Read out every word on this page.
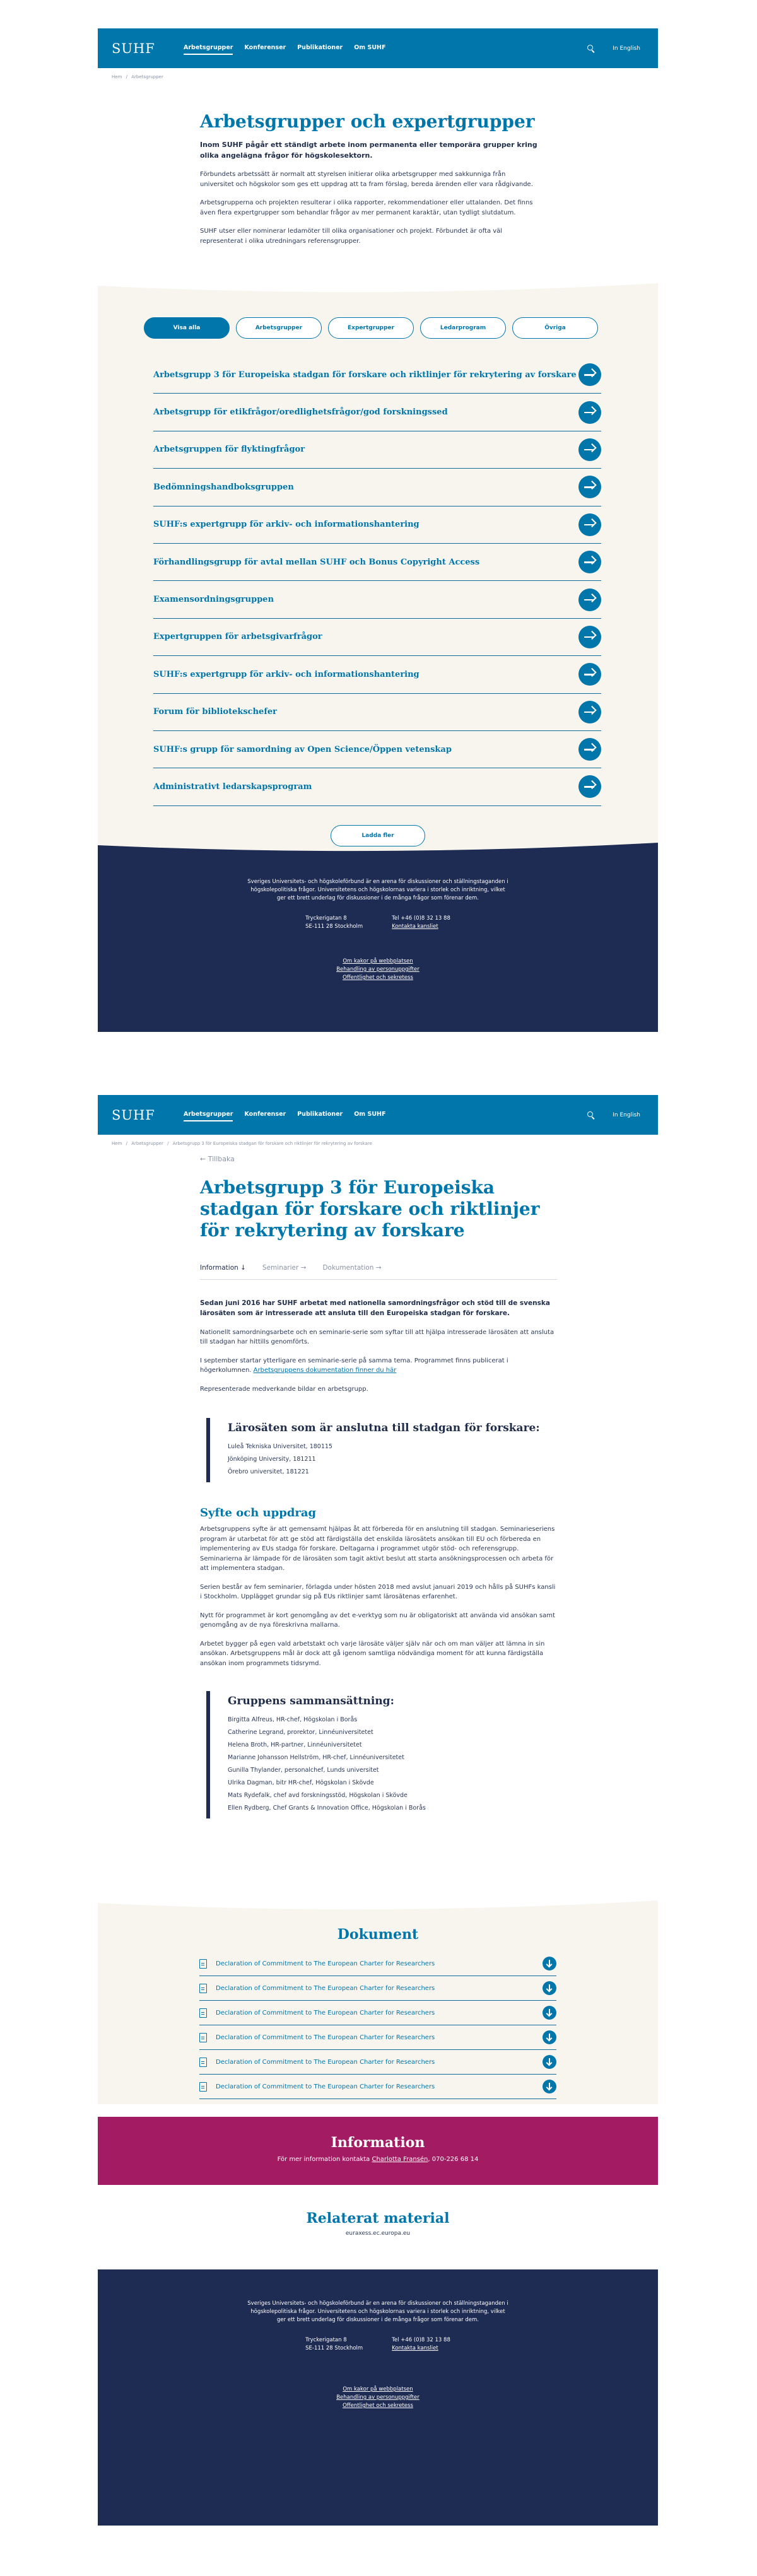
SUHF	Arbetsgrupper Konferenser Publikationer Om SUHF	In English
Hem / Arbetsgrupper
Arbetsgrupper och expertgrupper

Inom SUHF pågår ett ständigt arbete inom permanenta eller temporära grupper kring olika angelägna frågor för högskolesektorn.

Förbundets arbetssätt är normalt att styrelsen initierar olika arbetsgrupper med sakkunniga från universitet och högskolor som ges ett uppdrag att ta fram förslag, bereda ärenden eller vara rådgivande.

Arbetsgrupperna och projekten resulterar i olika rapporter, rekommendationer eller uttalanden. Det finns även flera expertgrupper som behandlar frågor av mer permanent karaktär, utan tydligt slutdatum.

SUHF utser eller nominerar ledamöter till olika organisationer och projekt. Förbundet är ofta väl representerat i olika utredningars referensgrupper.

Visa alla	Arbetsgrupper	Expertgrupper	Ledarprogram	Övriga
Arbetsgrupp 3 för Europeiska stadgan för forskare och riktlinjer för rekrytering av forskare
Arbetsgrupp för etikfrågor/oredlighetsfrågor/god forskningssed
Arbetsgruppen för flyktingfrågor
Bedömningshandboksgruppen
SUHF:s expertgrupp för arkiv- och informationshantering
Förhandlingsgrupp för avtal mellan SUHF och Bonus Copyright Access
Examensordningsgruppen
Expertgruppen för arbetsgivarfrågor
SUHF:s expertgrupp för arkiv- och informationshantering
Forum för bibliotekschefer
SUHF:s grupp för samordning av Open Science/Öppen vetenskap
Administrativt ledarskapsprogram
Ladda fler

Sveriges Universitets- och högskoleförbund är en arena för diskussioner och ställningstaganden i högskolepolitiska frågor. Universitetens och högskolornas variera i storlek och inriktning, vilket ger ett brett underlag för diskussioner i de många frågor som förenar dem.

Tryckerigatan 8
SE-111 28 Stockholm
Tel +46 (0)8 32 13 88
Kontakta kansliet
Om kakor på webbplatsen
Behandling av personuppgifter
Offentlighet och sekretess
SUHF	Arbetsgrupper Konferenser Publikationer Om SUHF	In English
Hem / Arbetsgrupper / Arbetsgrupp 3 för Europeiska stadgan för forskare och riktlinjer för rekrytering av forskare
← Tillbaka
Arbetsgrupp 3 för Europeiska stadgan för forskare och riktlinjer för rekrytering av forskare
Information ↓ Seminarier → Dokumentation →

Sedan juni 2016 har SUHF arbetat med nationella samordningsfrågor och stöd till de svenska lärosäten som är intresserade att ansluta till den Europeiska stadgan för forskare.

Nationellt samordningsarbete och en seminarie-serie som syftar till att hjälpa intresserade lärosäten att ansluta till stadgan har hittills genomförts.

I september startar ytterligare en seminarie-serie på samma tema. Programmet finns publicerat i högerkolumnen. Arbetsgruppens dokumentation finner du här

Representerade medverkande bildar en arbetsgrupp.

Lärosäten som är anslutna till stadgan för forskare:
Luleå Tekniska Universitet, 180115
Jönköping University, 181211
Örebro universitet, 181221
Syfte och uppdrag

Arbetsgruppens syfte är att gemensamt hjälpas åt att förbereda för en anslutning till stadgan. Seminarieseriens program är utarbetat för att ge stöd att färdigställa det enskilda lärosätets ansökan till EU och förbereda en implementering av EUs stadga för forskare. Deltagarna i programmet utgör stöd- och referensgrupp. Seminarierna är lämpade för de lärosäten som tagit aktivt beslut att starta ansökningsprocessen och arbeta för att implementera stadgan.

Serien består av fem seminarier, förlagda under hösten 2018 med avslut januari 2019 och hålls på SUHFs kansli i Stockholm. Upplägget grundar sig på EUs riktlinjer samt lärosätenas erfarenhet.

Nytt för programmet är kort genomgång av det e-verktyg som nu är obligatoriskt att använda vid ansökan samt genomgång av de nya föreskrivna mallarna.

Arbetet bygger på egen vald arbetstakt och varje lärosäte väljer själv när och om man väljer att lämna in sin ansökan. Arbetsgruppens mål är dock att gå igenom samtliga nödvändiga moment för att kunna färdigställa ansökan inom programmets tidsrymd.

Gruppens sammansättning:
Birgitta Alfreus, HR-chef, Högskolan i Borås
Catherine Legrand, prorektor, Linnéuniversitetet
Helena Broth, HR-partner, Linnéuniversitetet
Marianne Johansson Hellström, HR-chef, Linnéuniversitetet
Gunilla Thylander, personalchef, Lunds universitet
Ulrika Dagman, bitr HR-chef, Högskolan i Skövde
Mats Rydefalk, chef avd forskningsstöd, Högskolan i Skövde
Ellen Rydberg, Chef Grants & Innovation Office, Högskolan i Borås
Dokument
Declaration of Commitment to The European Charter for Researchers
Declaration of Commitment to The European Charter for Researchers
Declaration of Commitment to The European Charter for Researchers
Declaration of Commitment to The European Charter for Researchers
Declaration of Commitment to The European Charter for Researchers
Declaration of Commitment to The European Charter for Researchers
Information
För mer information kontakta Charlotta Fransén, 070-226 68 14
Relaterat material
euraxess.ec.europa.eu

Sveriges Universitets- och högskoleförbund är en arena för diskussioner och ställningstaganden i högskolepolitiska frågor. Universitetens och högskolornas variera i storlek och inriktning, vilket ger ett brett underlag för diskussioner i de många frågor som förenar dem.

Tryckerigatan 8
SE-111 28 Stockholm
Tel +46 (0)8 32 13 88
Kontakta kansliet
Om kakor på webbplatsen
Behandling av personuppgifter
Offentlighet och sekretess
